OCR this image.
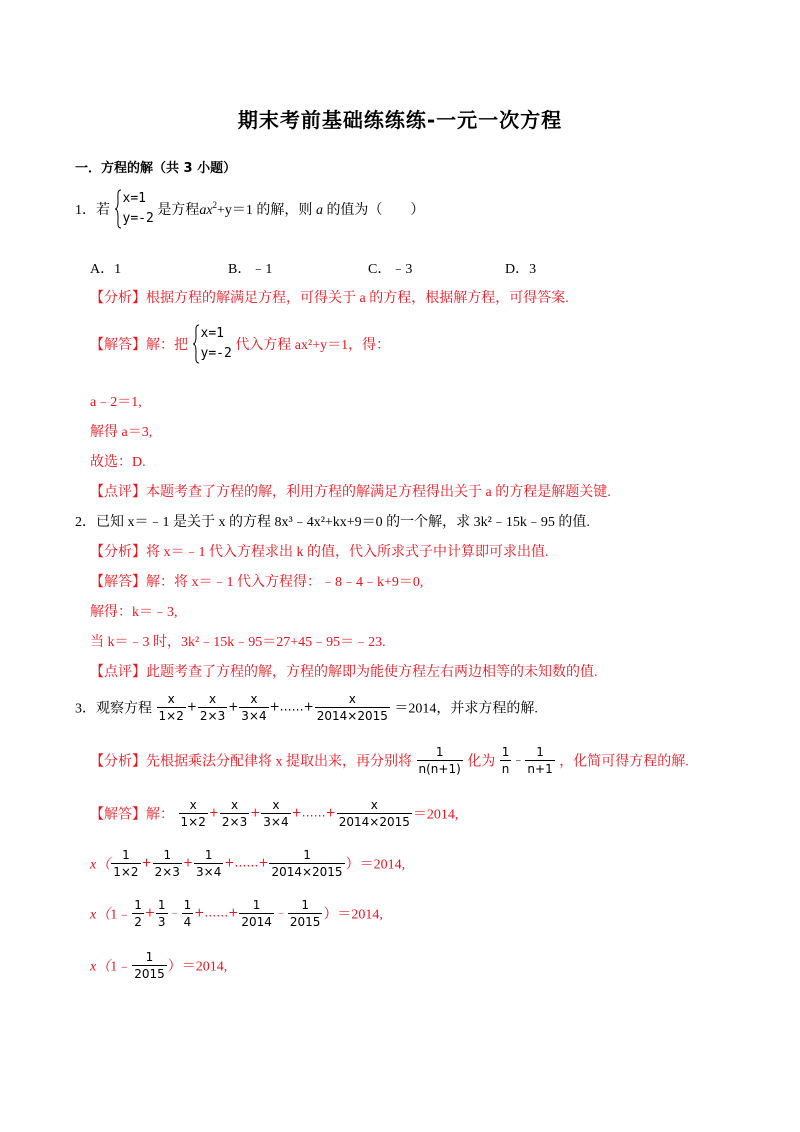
期末考前基础练练练-一元一次方程
一．方程的解（共 3 小题）
1．若
x=1
y=-2
是方程$ax^2+y=1$ 的解，则 a 的值为（　　）
A．1	B．﹣1	C．﹣3	D．3
【分析】根据方程的解满足方程，可得关于 a 的方程，根据解方程，可得答案.
【解答】解：把
x=1
y=-2
代入方程 ax²+y＝1，得：
a﹣2＝1,
解得 a＝3,
故选：D.
【点评】本题考查了方程的解，利用方程的解满足方程得出关于 a 的方程是解题关键.
2．已知 x＝﹣1 是关于 x 的方程 8x³﹣4x²+kx+9＝0 的一个解，求 3k²﹣15k﹣95 的值.
【分析】将 x＝﹣1 代入方程求出 k 的值，代入所求式子中计算即可求出值.
【解答】解：将 x＝﹣1 代入方程得：﹣8﹣4﹣k+9＝0,
解得：k＝﹣3,
当 k＝﹣3 时，3k²﹣15k﹣95＝27+45﹣95＝﹣23.
【点评】此题考查了方程的解，方程的解即为能使方程左右两边相等的未知数的值.
3．观察方程 $\frac{x}{1\times 2} + \frac{x}{2\times 3} + \frac{x}{3\times 4}$ +……+ $\frac{x}{2014\times 2015} =2014$，并求方程的解.
【分析】先根据乘法分配律将 x 提取出来，再分别将 $\frac{1}{n(n+1)}$ 化为 $\frac{1}{n}$ ﹣ $\frac{1}{n+1}$ ，化简可得方程的解.
【解答】解： $\frac{x}{1\times 2} + \frac{x}{2\times 3} + \frac{x}{3\times 4}$ +……+ $\frac{x}{2014\times 2015} =2014$,
$x( \frac{1}{1\times 2} + \frac{1}{2\times 3} + \frac{1}{3\times 4}$ +……+ $\frac{1}{2014\times 2015} )=2014$,
x（1﹣ $\frac{1}{2} + \frac{1}{3}$ ﹣ $\frac{1}{4}$ +……+ $\frac{1}{2014}$ ﹣ $\frac{1}{2015} )=2014$,
x（1﹣ $\frac{1}{2015} )=2014$,
